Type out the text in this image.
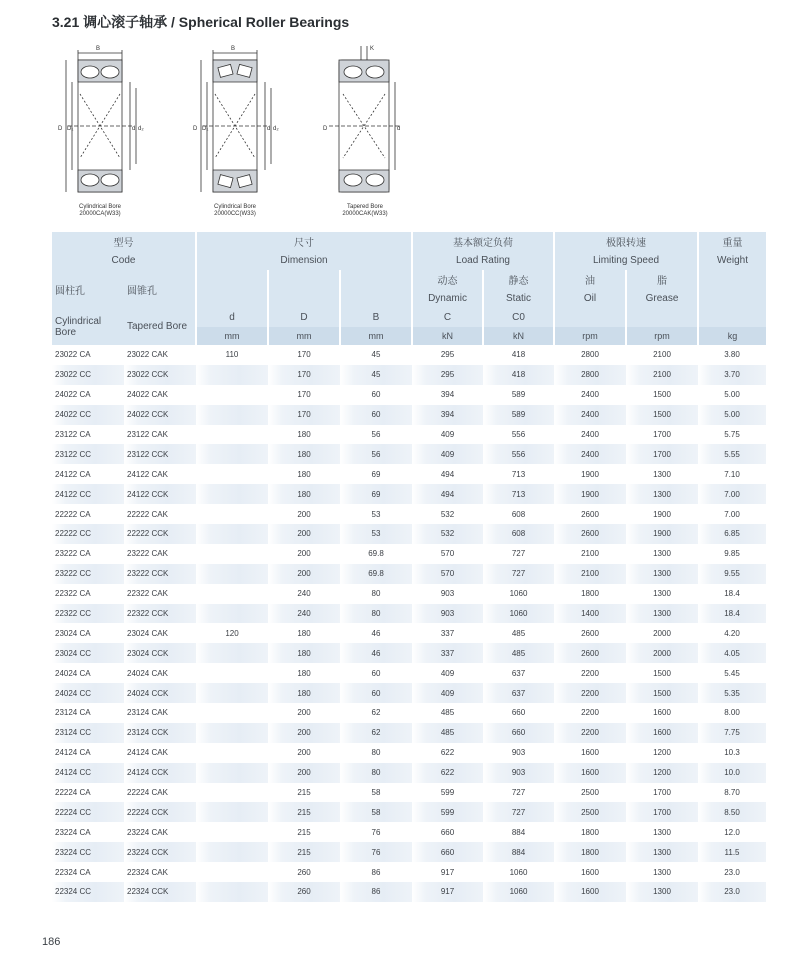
3.21 调心滚子轴承 / Spherical Roller Bearings
B
D D₁	d d₂
Cylindrical Bore
20000CA(W33)
B
D D₁	d d₂
Cylindrical Bore
20000CC(W33)
K
D	d
Tapered Bore
20000CAK(W33)
型号		尺寸			基本额定负荷		极限转速		重量
Code		Dimension			Load Rating		Limiting Speed		Weight
圆柱孔	圆锥孔				动态	静态	油	脂	
					Dynamic	Static	Oil	Grease	
Cylindrical Bore	Tapered Bore	d	D	B	C	C0			
		mm	mm	mm	kN	kN	rpm	rpm	kg
23022 CA	23022 CAK	110	170	45	295	418	2800	2100	3.80
23022 CC	23022 CCK		170	45	295	418	2800	2100	3.70
24022 CA	24022 CAK		170	60	394	589	2400	1500	5.00
24022 CC	24022 CCK		170	60	394	589	2400	1500	5.00
23122 CA	23122 CAK		180	56	409	556	2400	1700	5.75
23122 CC	23122 CCK		180	56	409	556	2400	1700	5.55
24122 CA	24122 CAK		180	69	494	713	1900	1300	7.10
24122 CC	24122 CCK		180	69	494	713	1900	1300	7.00
22222 CA	22222 CAK		200	53	532	608	2600	1900	7.00
22222 CC	22222 CCK		200	53	532	608	2600	1900	6.85
23222 CA	23222 CAK		200	69.8	570	727	2100	1300	9.85
23222 CC	23222 CCK		200	69.8	570	727	2100	1300	9.55
22322 CA	22322 CAK		240	80	903	1060	1800	1300	18.4
22322 CC	22322 CCK		240	80	903	1060	1400	1300	18.4
23024 CA	23024 CAK	120	180	46	337	485	2600	2000	4.20
23024 CC	23024 CCK		180	46	337	485	2600	2000	4.05
24024 CA	24024 CAK		180	60	409	637	2200	1500	5.45
24024 CC	24024 CCK		180	60	409	637	2200	1500	5.35
23124 CA	23124 CAK		200	62	485	660	2200	1600	8.00
23124 CC	23124 CCK		200	62	485	660	2200	1600	7.75
24124 CA	24124 CAK		200	80	622	903	1600	1200	10.3
24124 CC	24124 CCK		200	80	622	903	1600	1200	10.0
22224 CA	22224 CAK		215	58	599	727	2500	1700	8.70
22224 CC	22224 CCK		215	58	599	727	2500	1700	8.50
23224 CA	23224 CAK		215	76	660	884	1800	1300	12.0
23224 CC	23224 CCK		215	76	660	884	1800	1300	11.5
22324 CA	22324 CAK		260	86	917	1060	1600	1300	23.0
22324 CC	22324 CCK		260	86	917	1060	1600	1300	23.0
186
